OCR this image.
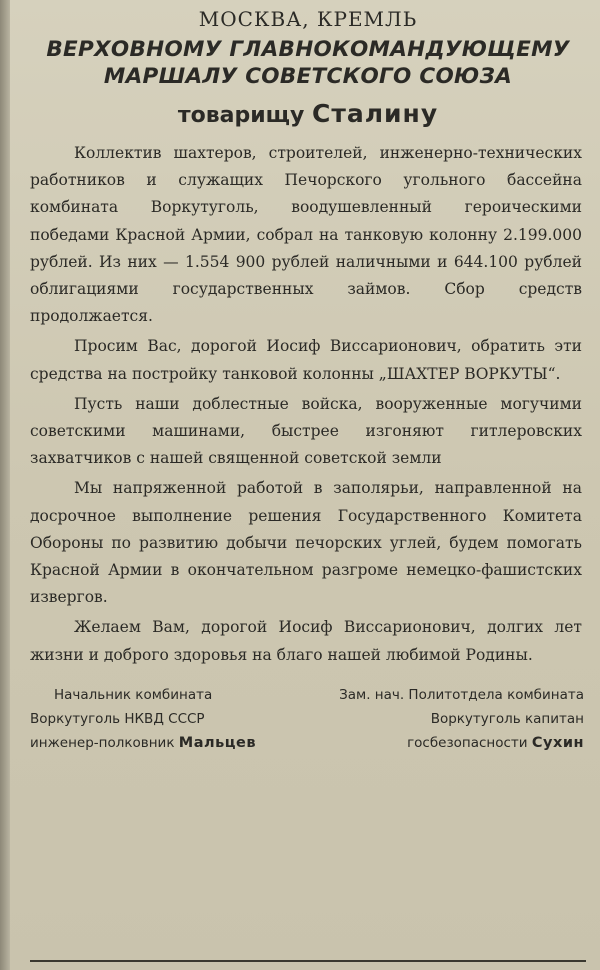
МОСКВА, КРЕМЛЬ
ВЕРХОВНОМУ ГЛАВНОКОМАНДУЮЩЕМУ
МАРШАЛУ СОВЕТСКОГО СОЮЗА
товарищу Сталину

Коллектив шахтеров, строителей, инженерно-технических работников и служащих Печорского угольного бассейна комбината Воркутуголь, воодушевленный героическими победами Красной Армии, собрал на танковую колонну 2.199.000 рублей. Из них — 1.554 900 рублей наличными и 644.100 рублей облигациями государственных займов. Сбор средств продолжается.

Просим Вас, дорогой Иосиф Виссарионович, обратить эти средства на постройку танковой колонны „ШАХТЕР ВОРКУТЫ“.

Пусть наши доблестные войска, вооруженные могучими советскими машинами, быстрее изгоняют гитлеровских захватчиков с нашей священной советской земли

Мы напряженной работой в заполярьи, направленной на досрочное выполнение решения Государственного Комитета Обороны по развитию добычи печорских углей, будем помогать Красной Армии в окончательном разгроме немецко-фашистских извергов.

Желаем Вам, дорогой Иосиф Виссарионович, долгих лет жизни и доброго здоровья на благо нашей любимой Родины.

Начальник комбината
Воркутуголь НКВД СССР
инженер-полковник Мальцев
Зам. нач. Политотдела комбината
Воркутуголь капитан
госбезопасности Сухин
